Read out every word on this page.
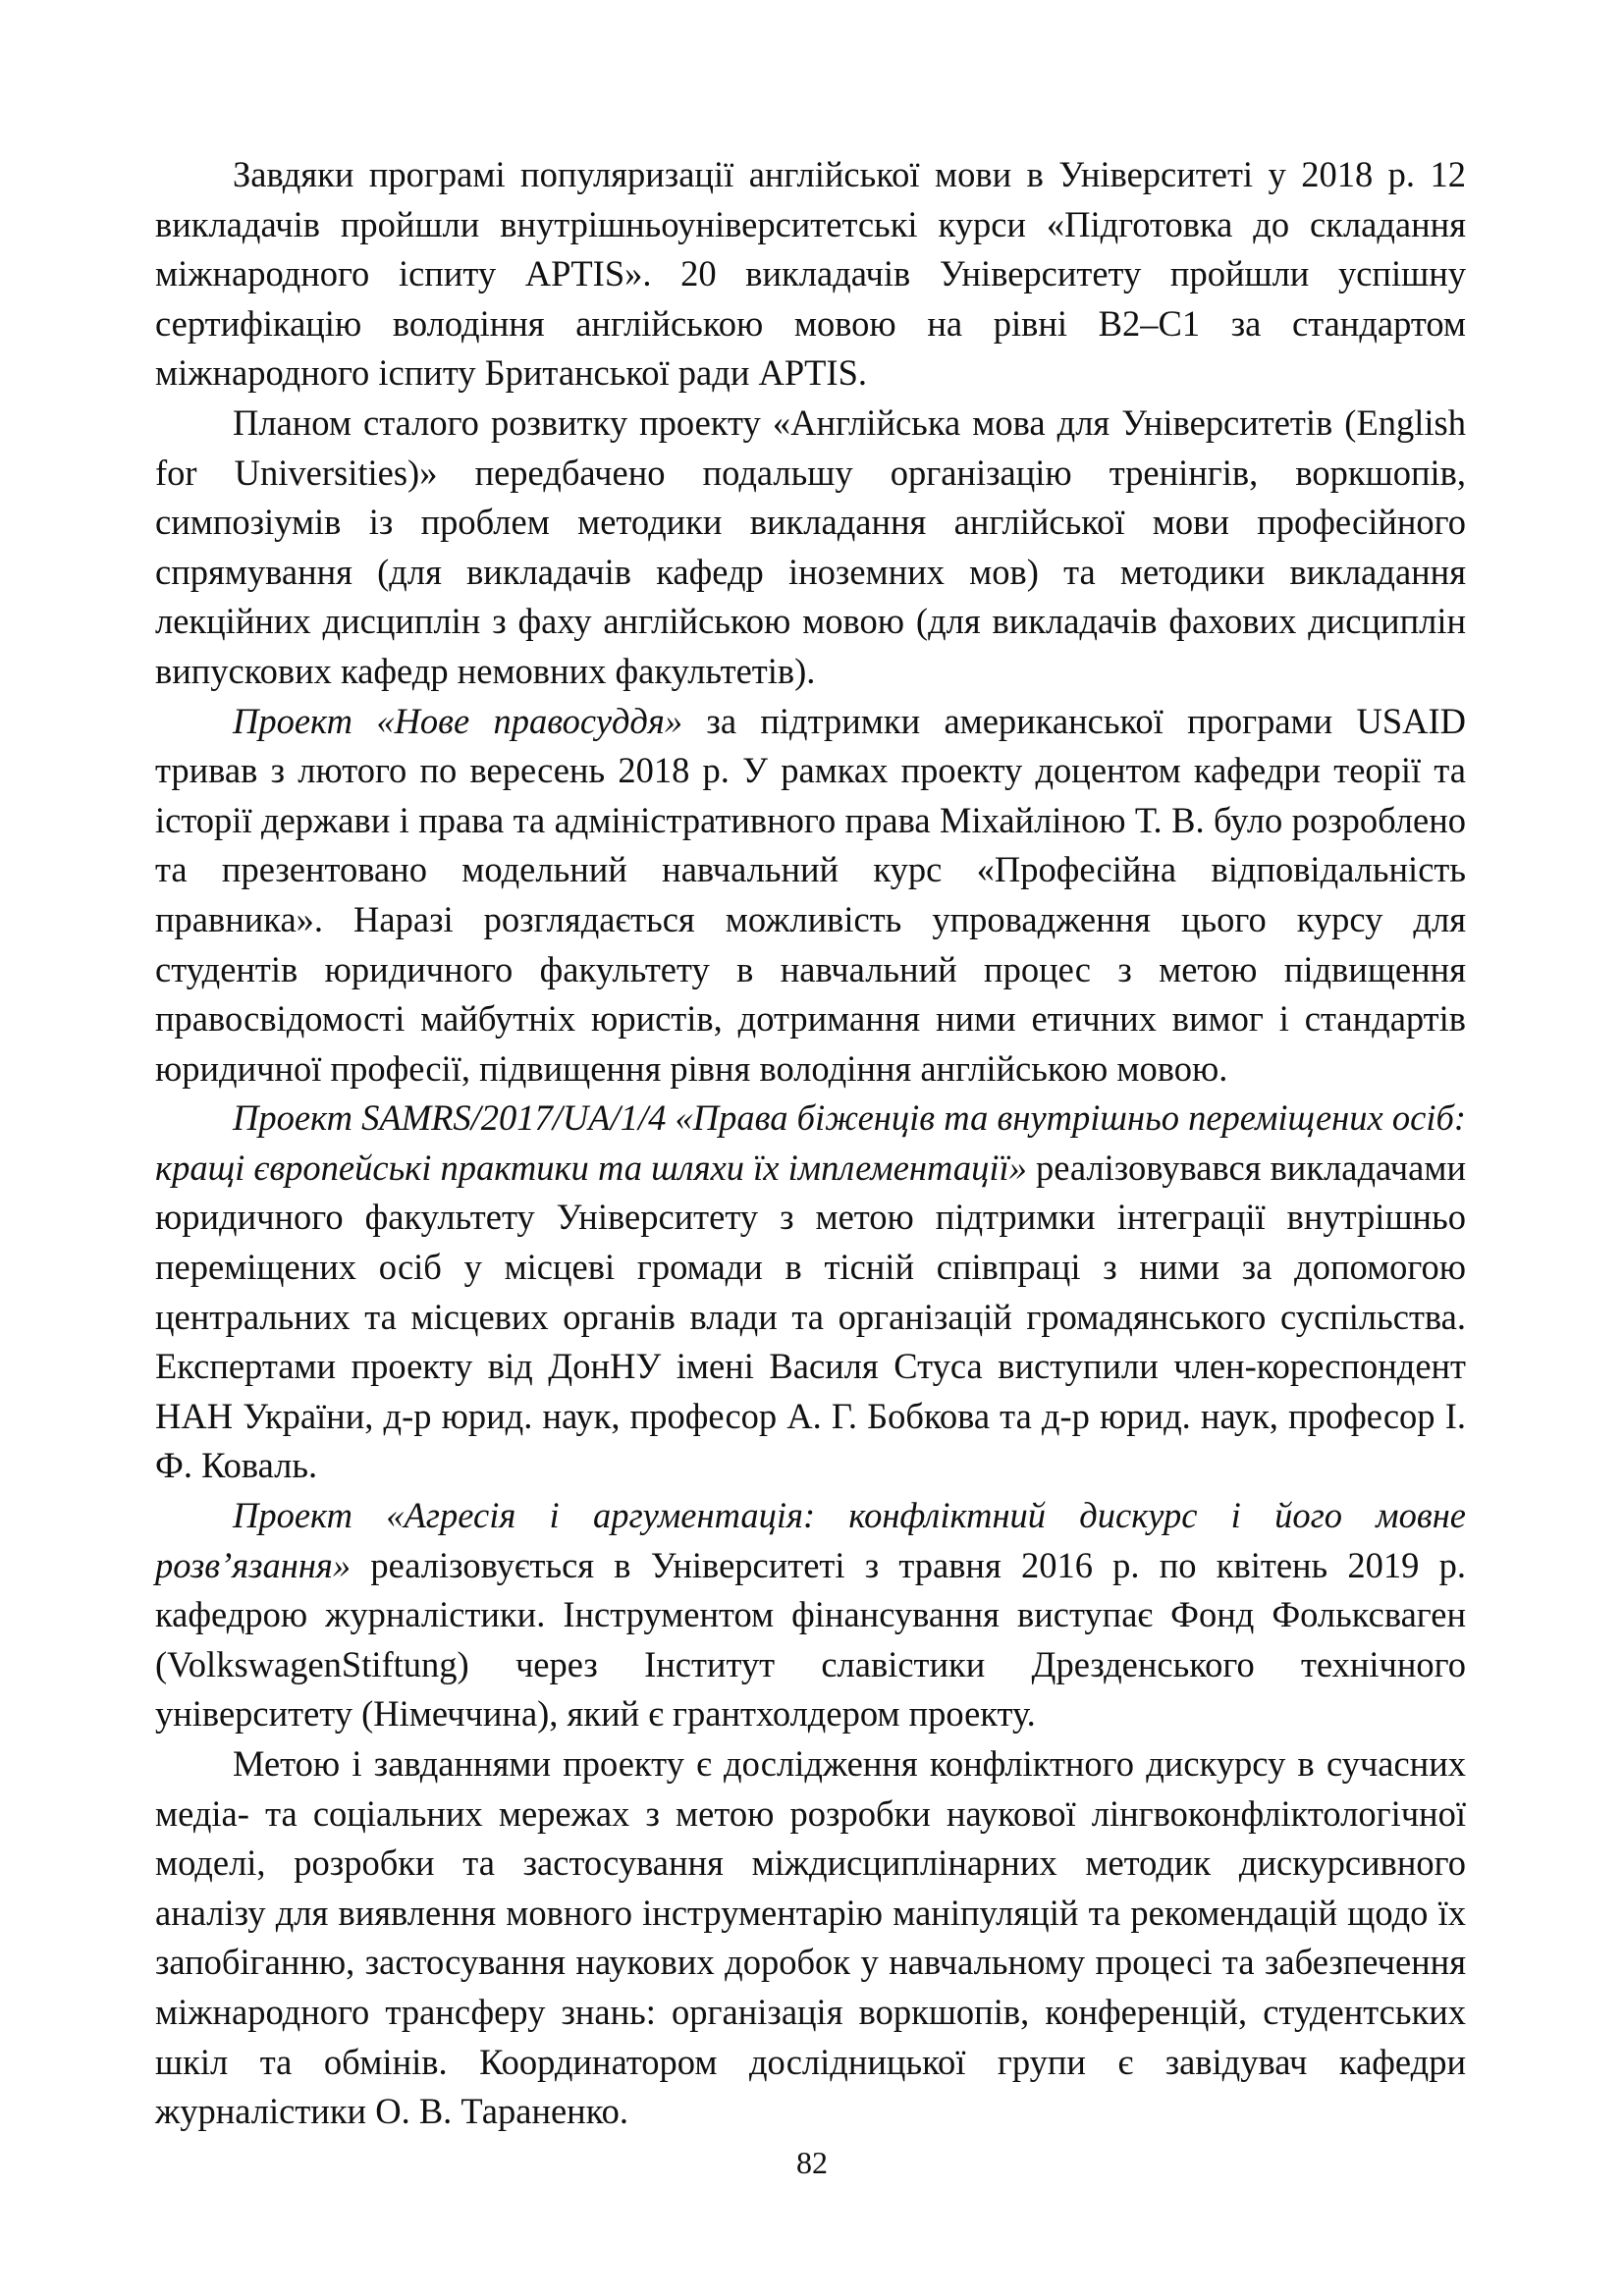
Завдяки програмі популяризації англійської мови в Університеті у 2018 р. 12 викладачів пройшли внутрішньоуніверситетські курси «Підготовка до складання міжнародного іспиту APTIS». 20 викладачів Університету пройшли успішну сертифікацію володіння англійською мовою на рівні В2–С1 за стандартом міжнародного іспиту Британської ради APTIS.

Планом сталого розвитку проекту «Англійська мова для Університетів (English for Universities)» передбачено подальшу організацію тренінгів, воркшопів, симпозіумів із проблем методики викладання англійської мови професійного спрямування (для викладачів кафедр іноземних мов) та методики викладання лекційних дисциплін з фаху англійською мовою (для викладачів фахових дисциплін випускових кафедр немовних факультетів).

Проект «Нове правосуддя» за підтримки американської програми USAID тривав з лютого по вересень 2018 р. У рамках проекту доцентом кафедри теорії та історії держави і права та адміністративного права Міхайліною Т. В. було розроблено та презентовано модельний навчальний курс «Професійна відповідальність правника». Наразі розглядається можливість упровадження цього курсу для студентів юридичного факультету в навчальний процес з метою підвищення правосвідомості майбутніх юристів, дотримання ними етичних вимог і стандартів юридичної професії, підвищення рівня володіння англійською мовою.

Проект SAMRS/2017/UA/1/4 «Права біженців та внутрішньо переміщених осіб: кращі європейські практики та шляхи їх імплементації» реалізовувався викладачами юридичного факультету Університету з метою підтримки інтеграції внутрішньо переміщених осіб у місцеві громади в тісній співпраці з ними за допомогою центральних та місцевих органів влади та організацій громадянського суспільства. Експертами проекту від ДонНУ імені Василя Стуса виступили член-кореспондент НАН України, д-р юрид. наук, професор А. Г. Бобкова та д-р юрид. наук, професор І. Ф. Коваль.

Проект «Агресія і аргументація: конфліктний дискурс і його мовне розв’язання» реалізовується в Університеті з травня 2016 р. по квітень 2019 р. кафедрою журналістики. Інструментом фінансування виступає Фонд Фольксваген (VolkswagenStiftung) через Інститут славістики Дрезденського технічного університету (Німеччина), який є грантхолдером проекту.

Метою і завданнями проекту є дослідження конфліктного дискурсу в сучасних медіа- та соціальних мережах з метою розробки наукової лінгвоконфліктологічної моделі, розробки та застосування міждисциплінарних методик дискурсивного аналізу для виявлення мовного інструментарію маніпуляцій та рекомендацій щодо їх запобіганню, застосування наукових доробок у навчальному процесі та забезпечення міжнародного трансферу знань: організація воркшопів, конференцій, студентських шкіл та обмінів. Координатором дослідницької групи є завідувач кафедри журналістики О. В. Тараненко.

82
